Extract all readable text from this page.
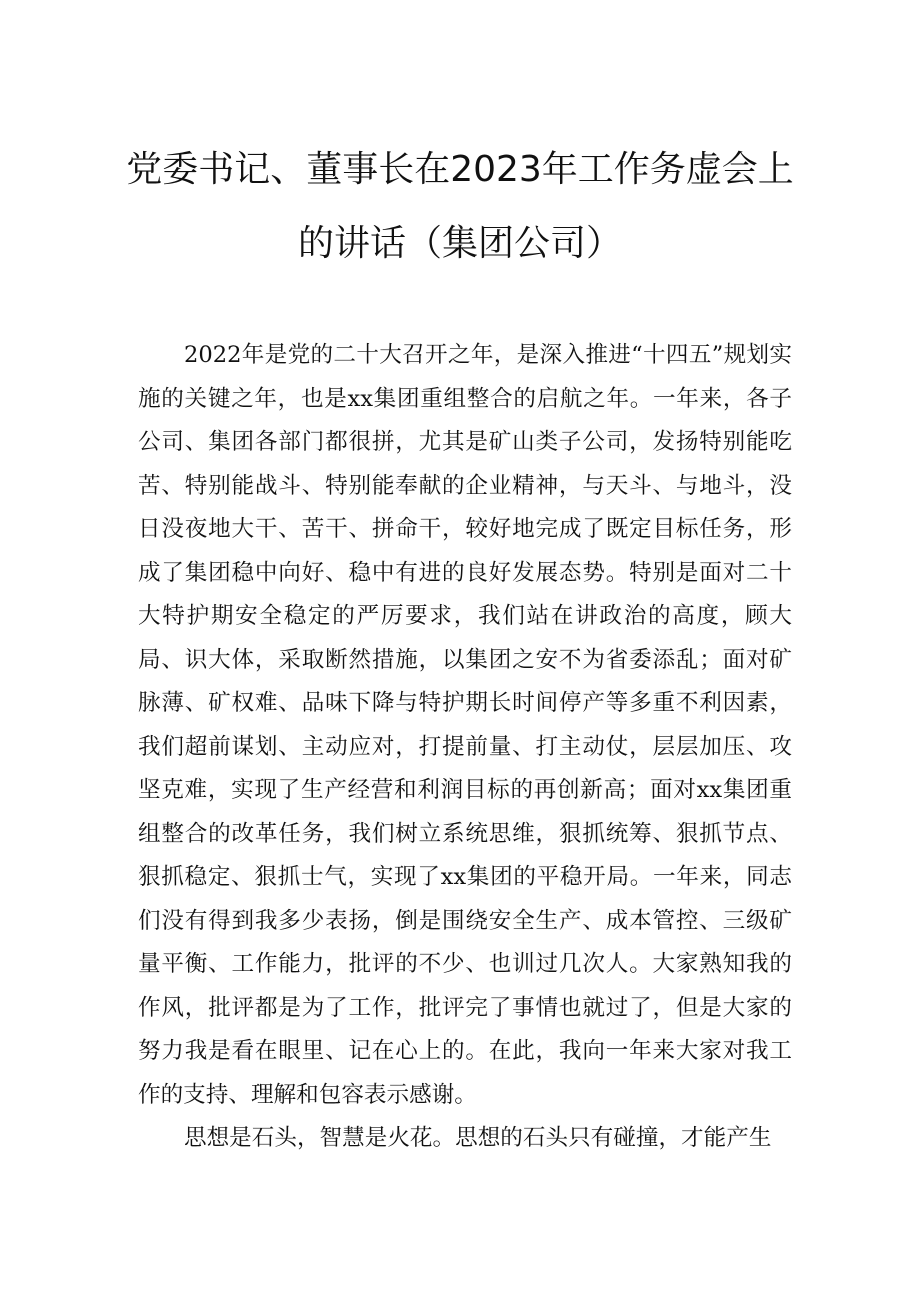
党委书记、董事长在2023年工作务虚会上
的讲话（集团公司）

2022年是党的二十大召开之年，是深入推进“十四五”规划实施的关键之年，也是xx集团重组整合的启航之年。一年来，各子公司、集团各部门都很拼，尤其是矿山类子公司，发扬特别能吃苦、特别能战斗、特别能奉献的企业精神，与天斗、与地斗，没日没夜地大干、苦干、拼命干，较好地完成了既定目标任务，形成了集团稳中向好、稳中有进的良好发展态势。特别是面对二十大特护期安全稳定的严厉要求，我们站在讲政治的高度，顾大局、识大体，采取断然措施，以集团之安不为省委添乱；面对矿脉薄、矿权难、品味下降与特护期长时间停产等多重不利因素，我们超前谋划、主动应对，打提前量、打主动仗，层层加压、攻坚克难，实现了生产经营和利润目标的再创新高；面对xx集团重组整合的改革任务，我们树立系统思维，狠抓统筹、狠抓节点、狠抓稳定、狠抓士气，实现了xx集团的平稳开局。一年来，同志们没有得到我多少表扬，倒是围绕安全生产、成本管控、三级矿量平衡、工作能力，批评的不少、也训过几次人。大家熟知我的作风，批评都是为了工作，批评完了事情也就过了，但是大家的努力我是看在眼里、记在心上的。在此，我向一年来大家对我工作的支持、理解和包容表示感谢。

思想是石头，智慧是火花。思想的石头只有碰撞，才能产生
